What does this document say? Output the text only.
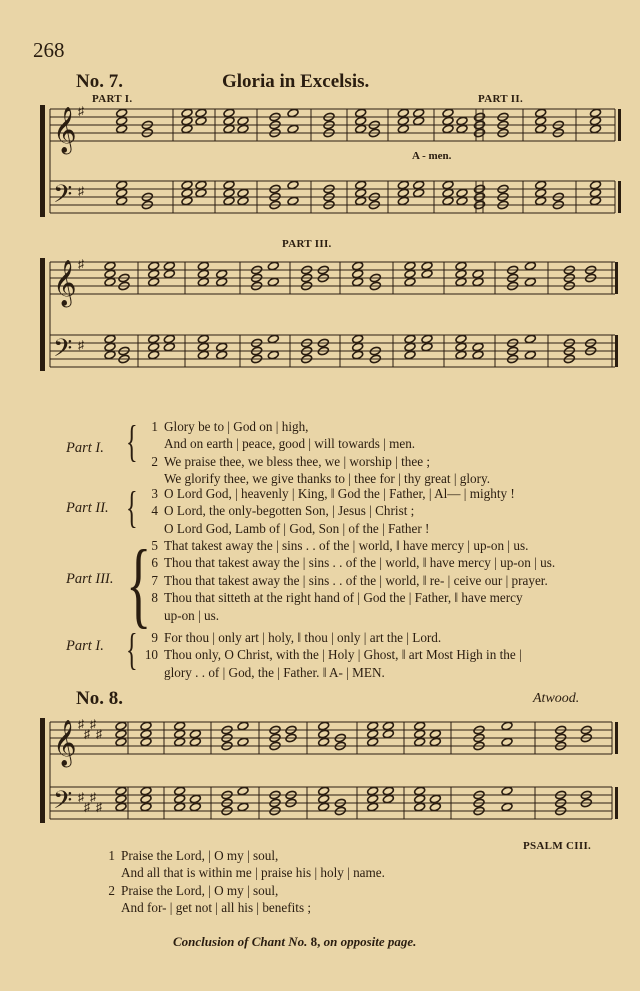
268
No. 7.	Gloria in Excelsis.
PART I.	PART II.
A - men.
PART III.
𝄞
𝄢
♯
♯
𝄞
𝄢
♯
♯
𝄞
𝄢
♯
♯
♯
♯
♯
♯
♯
♯
Part I. {	1 Glory be to | God on | high,
And on earth | peace, good | will towards | men.
2 We praise thee, we bless thee, we | worship | thee ;
We glorify thee, we give thanks to | thee for | thy great | glory.
Part II. {	3 O Lord God, | heavenly | King, ‖ God the | Father, | Al— | mighty !
4 O Lord, the only-begotten Son, | Jesus | Christ ;
O Lord God, Lamb of | God, Son | of the | Father !
Part III. { 5 That takest away the | sins . . of the | world, ‖ have mercy | up-on | us.
6 Thou that takest away the | sins . . of the | world, ‖ have mercy | up-on | us.
7 Thou that takest away the | sins . . of the | world, ‖ re- | ceive our | prayer.
8 Thou that sitteth at the right hand of | God the | Father, ‖ have mercy
up-on | us.
Part I. {	9 For thou | only art | holy, ‖ thou | only | art the | Lord.
10 Thou only, O Christ, with the | Holy | Ghost, ‖ art Most High in the |
glory . . of | God, the | Father. ‖ A- | MEN.
No. 8.	Atwood.
PSALM CIII.
1 Praise the Lord, | O my | soul,
And all that is within me | praise his | holy | name.
2 Praise the Lord, | O my | soul,
And for- | get not | all his | benefits ;
Conclusion of Chant No. 8, on opposite page.
